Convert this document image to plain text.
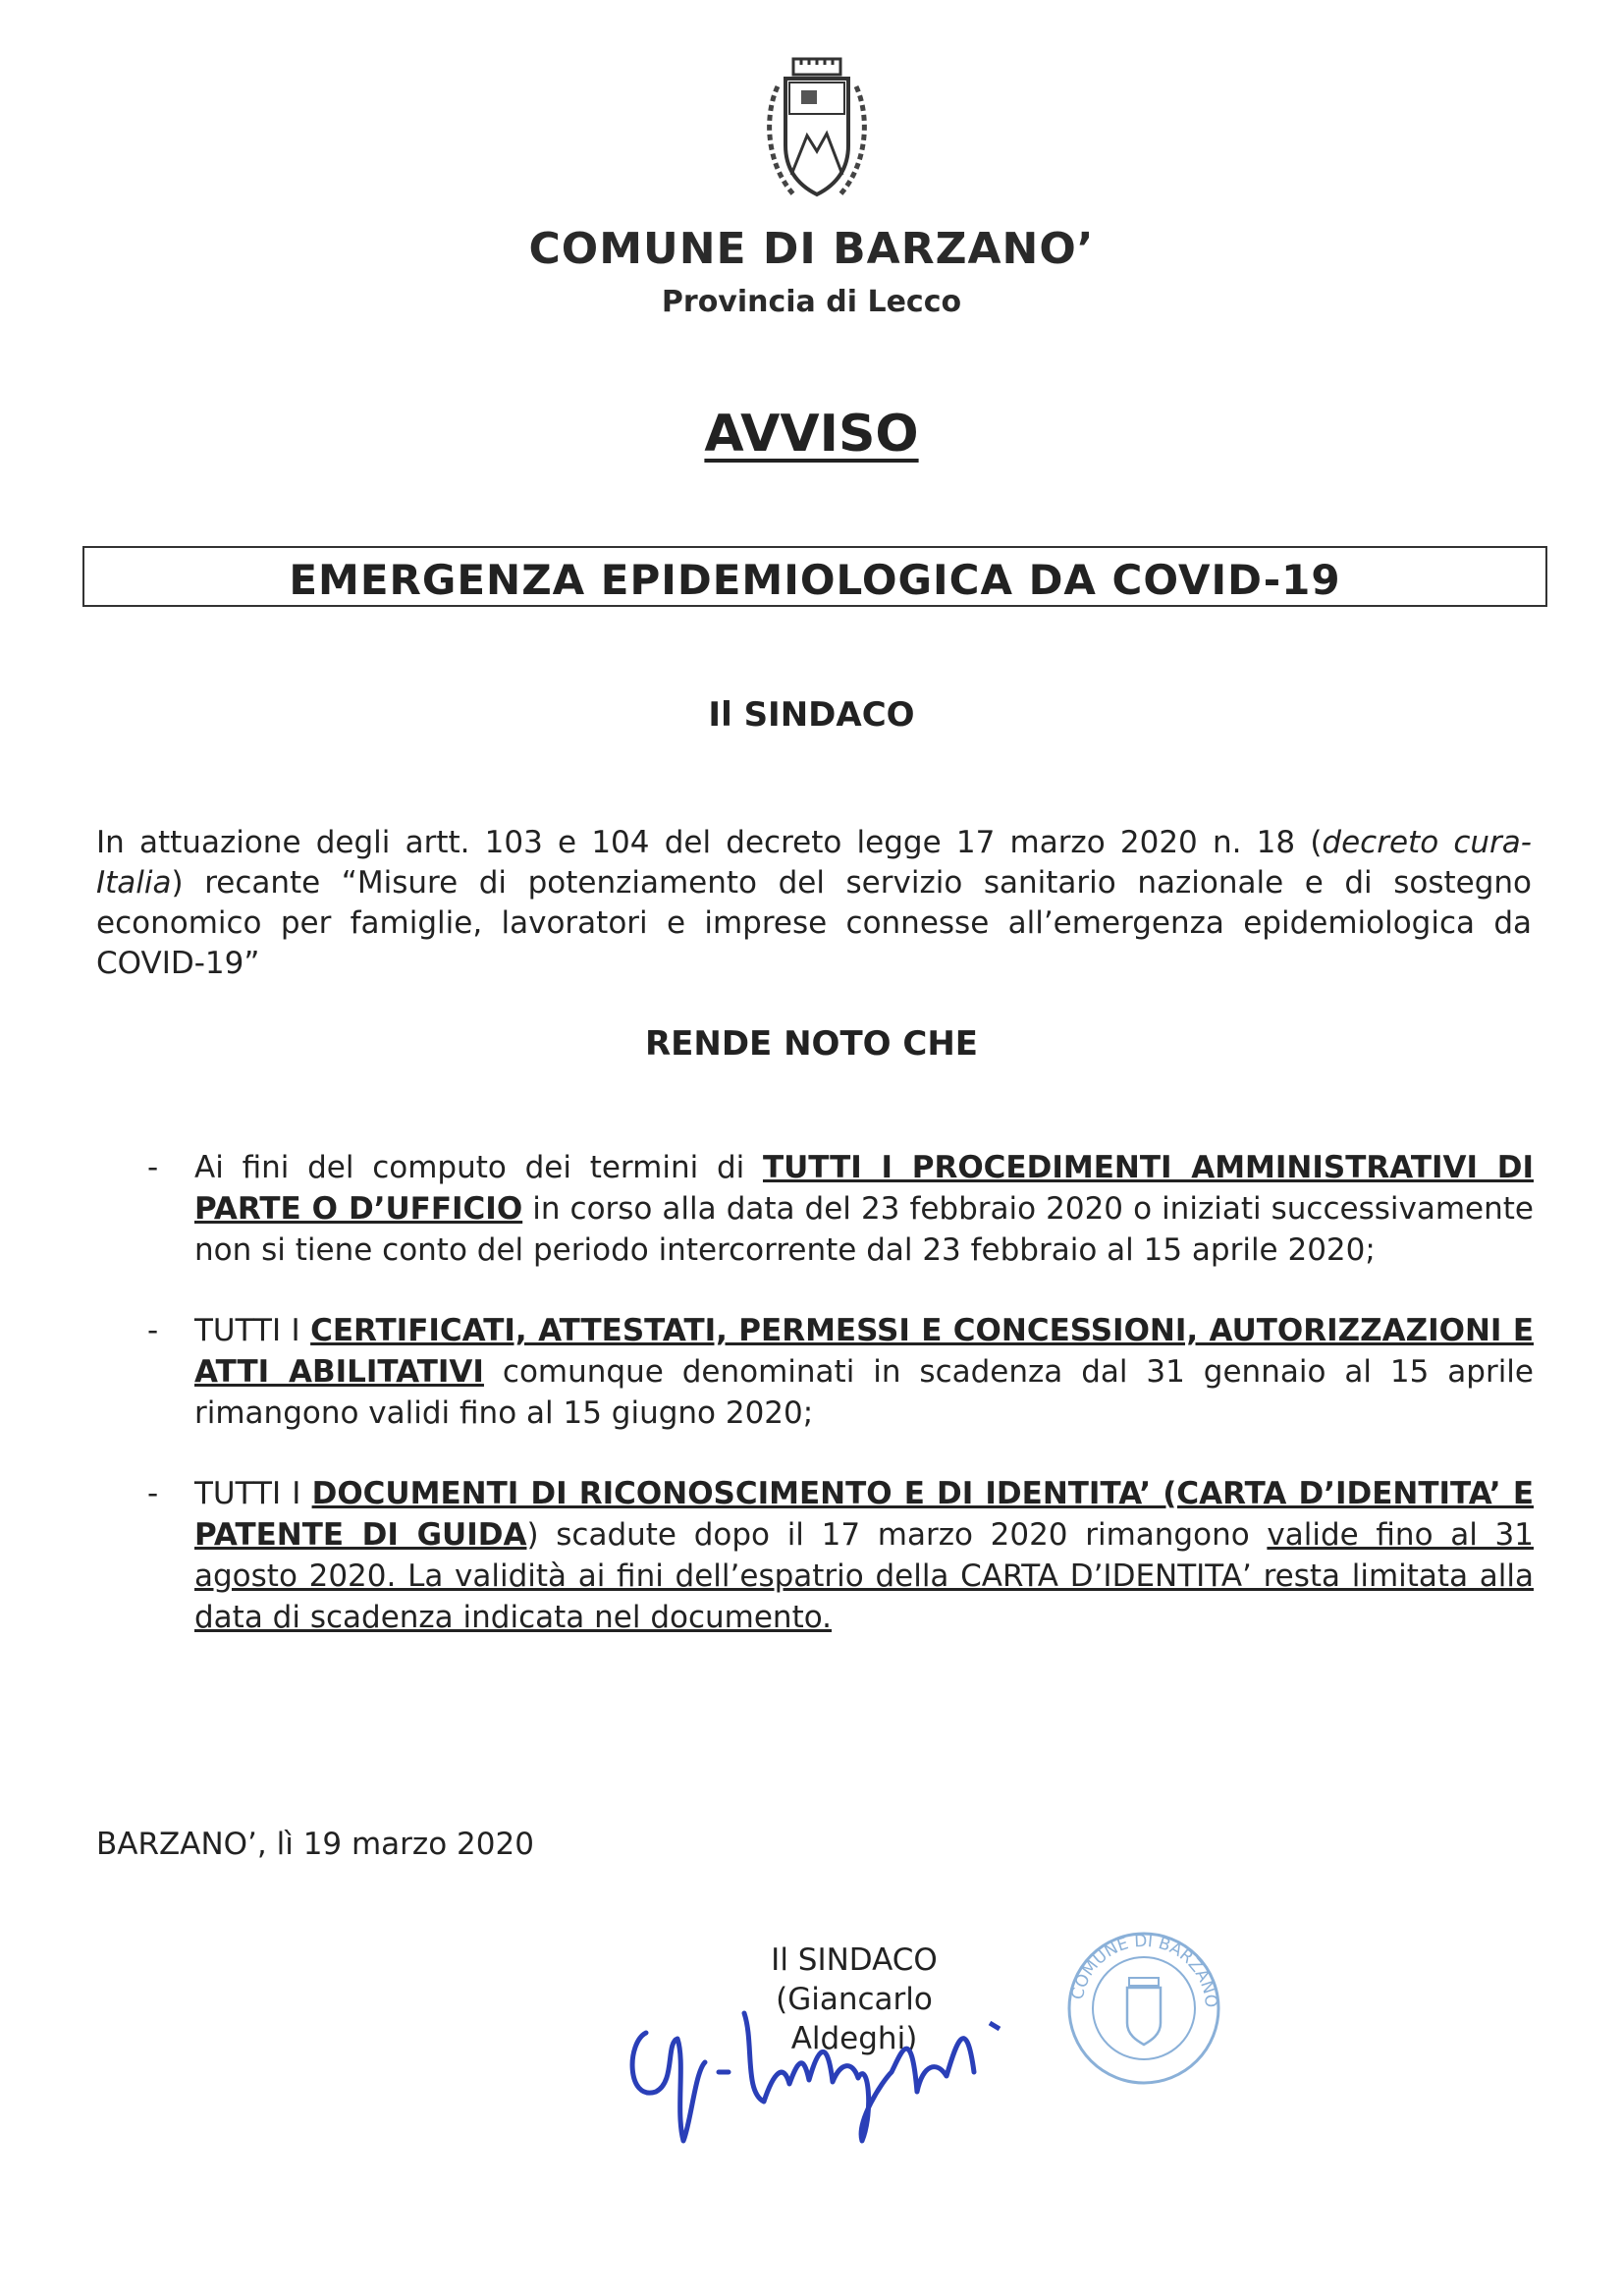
COMUNE DI BARZANO’
Provincia di Lecco
AVVISO
EMERGENZA EPIDEMIOLOGICA DA COVID-19
Il SINDACO
In attuazione degli artt. 103 e 104 del decreto legge 17 marzo 2020 n. 18 (decreto cura-Italia) recante “Misure di potenziamento del servizio sanitario nazionale e di sostegno economico per famiglie, lavoratori e imprese connesse all’emergenza epidemiologica da COVID-19”
RENDE NOTO CHE
- Ai fini del computo dei termini di TUTTI I PROCEDIMENTI AMMINISTRATIVI DI PARTE O D’UFFICIO in corso alla data del 23 febbraio 2020 o iniziati successivamente non si tiene conto del periodo intercorrente dal 23 febbraio al 15 aprile 2020;
- TUTTI I CERTIFICATI, ATTESTATI, PERMESSI E CONCESSIONI, AUTORIZZAZIONI E ATTI ABILITATIVI comunque denominati in scadenza dal 31 gennaio al 15 aprile rimangono validi fino al 15 giugno 2020;
- TUTTI I DOCUMENTI DI RICONOSCIMENTO E DI IDENTITA’ (CARTA D’IDENTITA’ E PATENTE DI GUIDA) scadute dopo il 17 marzo 2020 rimangono valide fino al 31 agosto 2020. La validità ai fini dell’espatrio della CARTA D’IDENTITA’ resta limitata alla data di scadenza indicata nel documento.
BARZANO’, lì 19 marzo 2020
Il SINDACO
(Giancarlo Aldeghi)
COMUNE DI BARZANO
